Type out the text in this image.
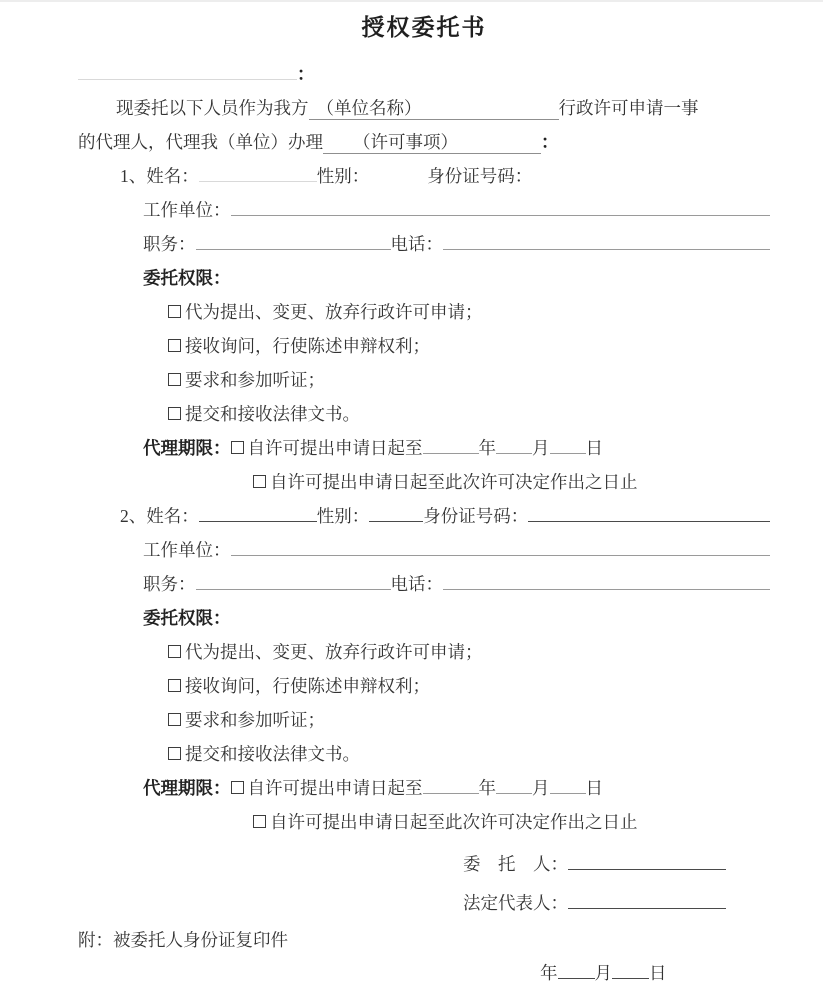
授权委托书
：
现委托以下人员作为我方 （单位名称）	行政许可申请一事
的代理人，代理我（单位）办理	（许可事项）	：
1、 姓名：	性别：	身份证号码：
工作单位：
职务：	电话：
委托权限：
代为提出、变更、放弃行政许可申请；
接收询问，行使陈述申辩权利；
要求和参加听证；
提交和接收法律文书。
代理期限： 自许可提出申请日起至	年 月 日
自许可提出申请日起至此次许可决定作出之日止
2、 姓名：	性别：	身份证号码：
工作单位：
职务：	电话：
委托权限：
代为提出、变更、放弃行政许可申请；
接收询问，行使陈述申辩权利；
要求和参加听证；
提交和接收法律文书。
代理期限： 自许可提出申请日起至	年 月 日
自许可提出申请日起至此次许可决定作出之日止
委　托　人：
法定代表人：
附：被委托人身份证复印件
年 月 日
